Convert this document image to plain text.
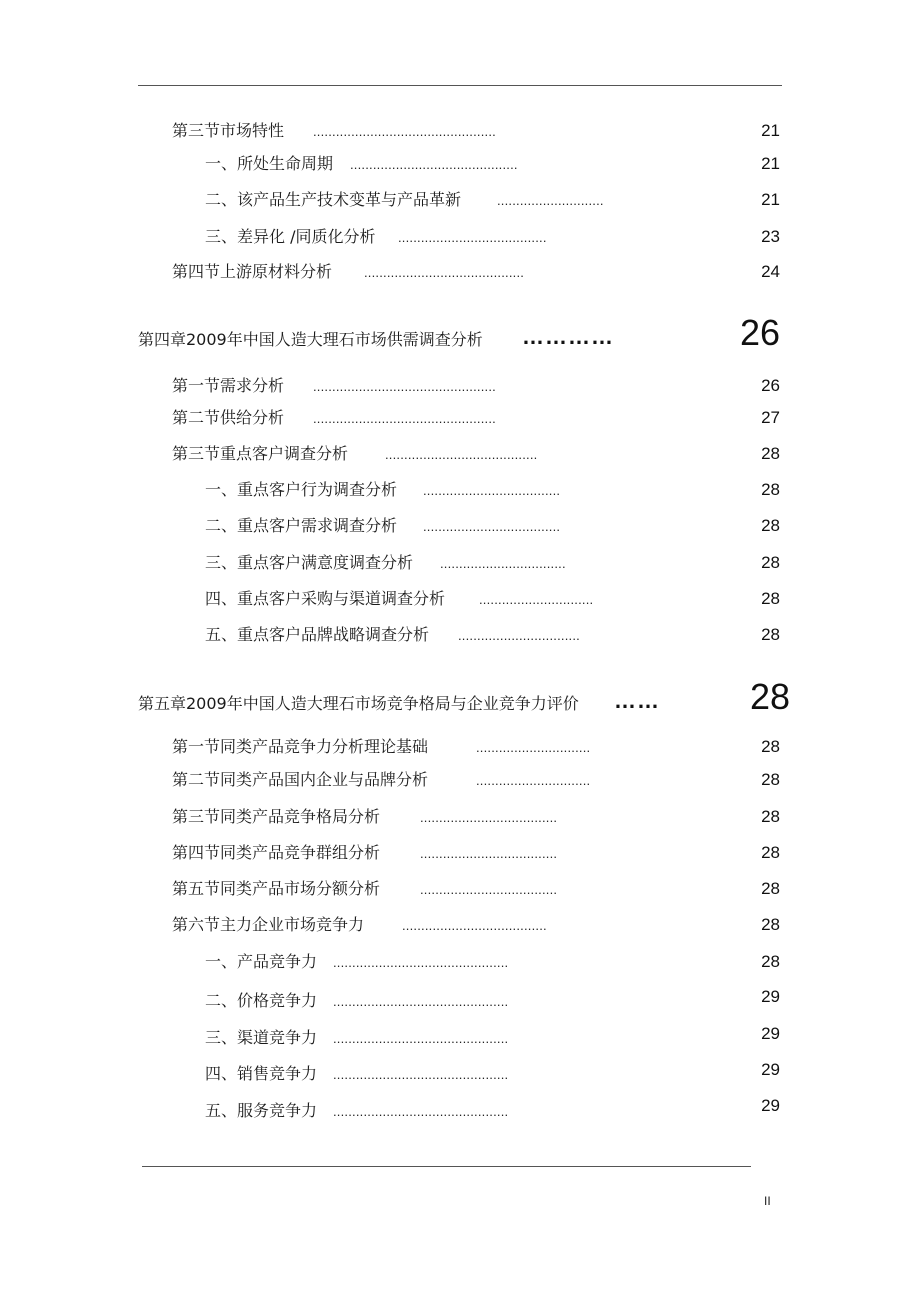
第三节市场特性 ................................................	21
一、所处生命周期 ............................................	21
二、该产品生产技术变革与产品革新	............................	21
三、差异化 /同质化分析 .......................................	23
第四节上游原材料分析 ..........................................	24
第四章2009年中国人造大理石市场供需调查分析 …………	26
第一节需求分析 ................................................	26
第二节供给分析 ................................................	27
第三节重点客户调查分析	........................................	28
一、重点客户行为调查分析 ....................................	28
二、重点客户需求调查分析 ....................................	28
三、重点客户满意度调查分析 .................................	28
四、重点客户采购与渠道调查分析	..............................	28
五、重点客户品牌战略调查分析 ................................	28
第五章2009年中国人造大理石市场竞争格局与企业竞争力评价 ……	28
第一节同类产品竞争力分析理论基础	..............................	28
第二节同类产品国内企业与品牌分析	..............................	28
第三节同类产品竞争格局分析	....................................	28
第四节同类产品竞争群组分析	....................................	28
第五节同类产品市场分额分析	....................................	28
第六节主力企业市场竞争力	......................................	28
一、产品竞争力 ..............................................	28
二、价格竞争力 ..............................................	29
三、渠道竞争力 ..............................................	29
四、销售竞争力 ..............................................	29
五、服务竞争力 ..............................................	29
II
